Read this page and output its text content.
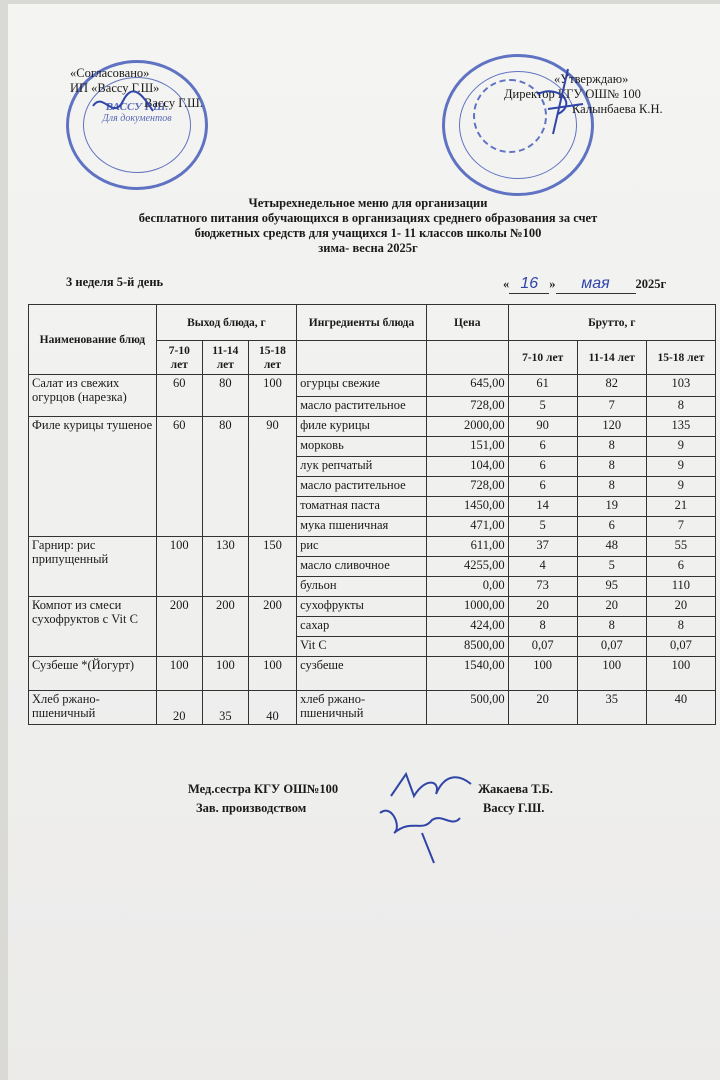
ВАССУ Г.Ш.
Для документов
«Согласовано»
ИП «Вассу Г.Ш»
Вассу Г.Ш.
«Утверждаю»
Директор КГУ ОШ№ 100
Калынбаева К.Н.
Четырехнедельное меню для организации
бесплатного питания обучающихся в организациях среднего образования за счет
бюджетных средств для учащихся 1- 11 классов школы №100
зима- весна 2025г
3 неделя 5-й день	« 16 » мая 2025г
Наименование блюд	Выход блюда, г			Ингредиенты блюда	Цена	Брутто, г		
	7-10 лет	11-14 лет	15-18 лет			7-10 лет	11-14 лет	15-18 лет
Салат из свежих огурцов (нарезка)	60	80	100	огурцы свежие	645,00	61	82	103
				масло растительное	728,00	5	7	8
Филе курицы тушеное	60	80	90	филе курицы	2000,00	90	120	135
				морковь	151,00	6	8	9
				лук репчатый	104,00	6	8	9
				масло растительное	728,00	6	8	9
				томатная паста	1450,00	14	19	21
				мука пшеничная	471,00	5	6	7
Гарнир: рис припущенный	100	130	150	рис	611,00	37	48	55
				масло сливочное	4255,00	4	5	6
				бульон	0,00	73	95	110
Компот из смеси сухофруктов с Vit C	200	200	200	сухофрукты	1000,00	20	20	20
				сахар	424,00	8	8	8
				Vit C	8500,00	0,07	0,07	0,07
Сузбеше *(Йогурт)	100	100	100	сузбеше	1540,00	100	100	100
Хлеб ржано-пшеничный	20	35	40	хлеб ржано-пшеничный	500,00	20	35	40
Мед.сестра КГУ ОШ№100	Жакаева Т.Б.
Зав. производством	Вассу Г.Ш.
